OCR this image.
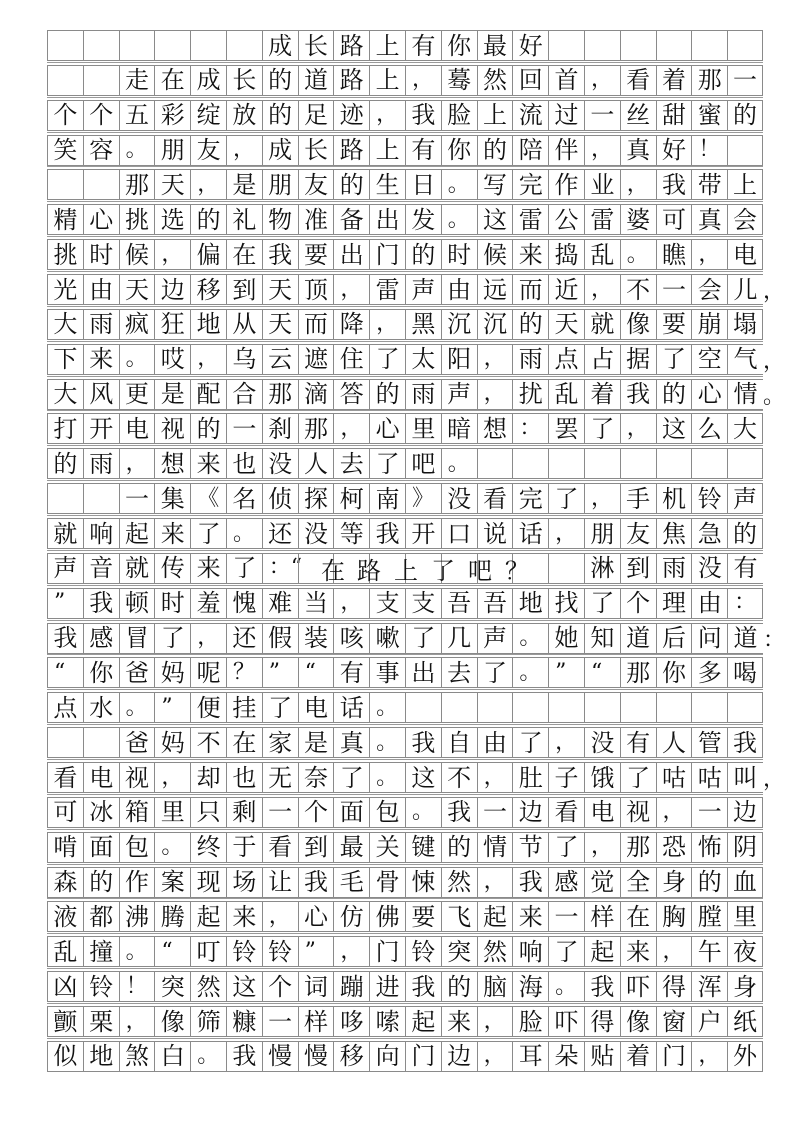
成 长 路 上 有 你 最 好
走 在 成 长 的 道 路 上 ， 蓦 然 回 首 ， 看 着 那 一
个 个 五 彩 绽 放 的 足 迹 ， 我 脸 上 流 过 一 丝 甜 蜜 的
笑 容 。 朋 友 ， 成 长 路 上 有 你 的 陪 伴 ， 真 好 ！
那 天 ， 是 朋 友 的 生 日 。 写 完 作 业 ， 我 带 上
精 心 挑 选 的 礼 物 准 备 出 发 。 这 雷 公 雷 婆 可 真 会
挑 时 候 ， 偏 在 我 要 出 门 的 时 候 来 捣 乱 。 瞧 ， 电
光 由 天 边 移 到 天 顶 ， 雷 声 由 远 而 近 ， 不 一 会 儿 ，
大 雨 疯 狂 地 从 天 而 降 ， 黑 沉 沉 的 天 就 像 要 崩 塌
下 来 。 哎 ， 乌 云 遮 住 了 太 阳 ， 雨 点 占 据 了 空 气 ，
大 风 更 是 配 合 那 滴 答 的 雨 声 ， 扰 乱 着 我 的 心 情 。
打 开 电 视 的 一 刹 那 ， 心 里 暗 想 ： 罢 了 ， 这 么 大
的 雨 ， 想 来 也 没 人 去 了 吧 。
一 集 《 名 侦 探 柯 南 》 没 看 完 了 ， 手 机 铃 声
就 响 起 来 了 。 还 没 等 我 开 口 说 话 ， 朋 友 焦 急 的
声 音 就 传 来 了 ：“	淋 到 雨 没 有
在 路 上 了 吧 ？
” 我 顿 时 羞 愧 难 当 ， 支 支 吾 吾 地 找 了 个 理 由 ：
我 感 冒 了 ， 还 假 装 咳 嗽 了 几 声 。 她 知 道 后 问 道 ：
“ 你 爸 妈 呢 ？ ”	“ 有 事 出 去 了 。 ”	“ 那 你 多 喝
点 水 。 ” 便 挂 了 电 话 。
爸 妈 不 在 家 是 真 。 我 自 由 了 ， 没 有 人 管 我
看 电 视 ， 却 也 无 奈 了 。 这 不 ， 肚 子 饿 了 咕 咕 叫 ，
可 冰 箱 里 只 剩 一 个 面 包 。 我 一 边 看 电 视 ， 一 边
啃 面 包 。 终 于 看 到 最 关 键 的 情 节 了 ， 那 恐 怖 阴
森 的 作 案 现 场 让 我 毛 骨 悚 然 ， 我 感 觉 全 身 的 血
液 都 沸 腾 起 来 ， 心 仿 佛 要 飞 起 来 一 样 在 胸 膛 里
乱 撞 。 “ 叮 铃 铃 ”	， 门 铃 突 然 响 了 起 来 ， 午 夜
凶 铃 ！ 突 然 这 个 词 蹦 进 我 的 脑 海 。 我 吓 得 浑 身
颤 栗 ， 像 筛 糠 一 样 哆 嗦 起 来 ， 脸 吓 得 像 窗 户 纸
似 地 煞 白 。 我 慢 慢 移 向 门 边 ， 耳 朵 贴 着 门 ， 外
